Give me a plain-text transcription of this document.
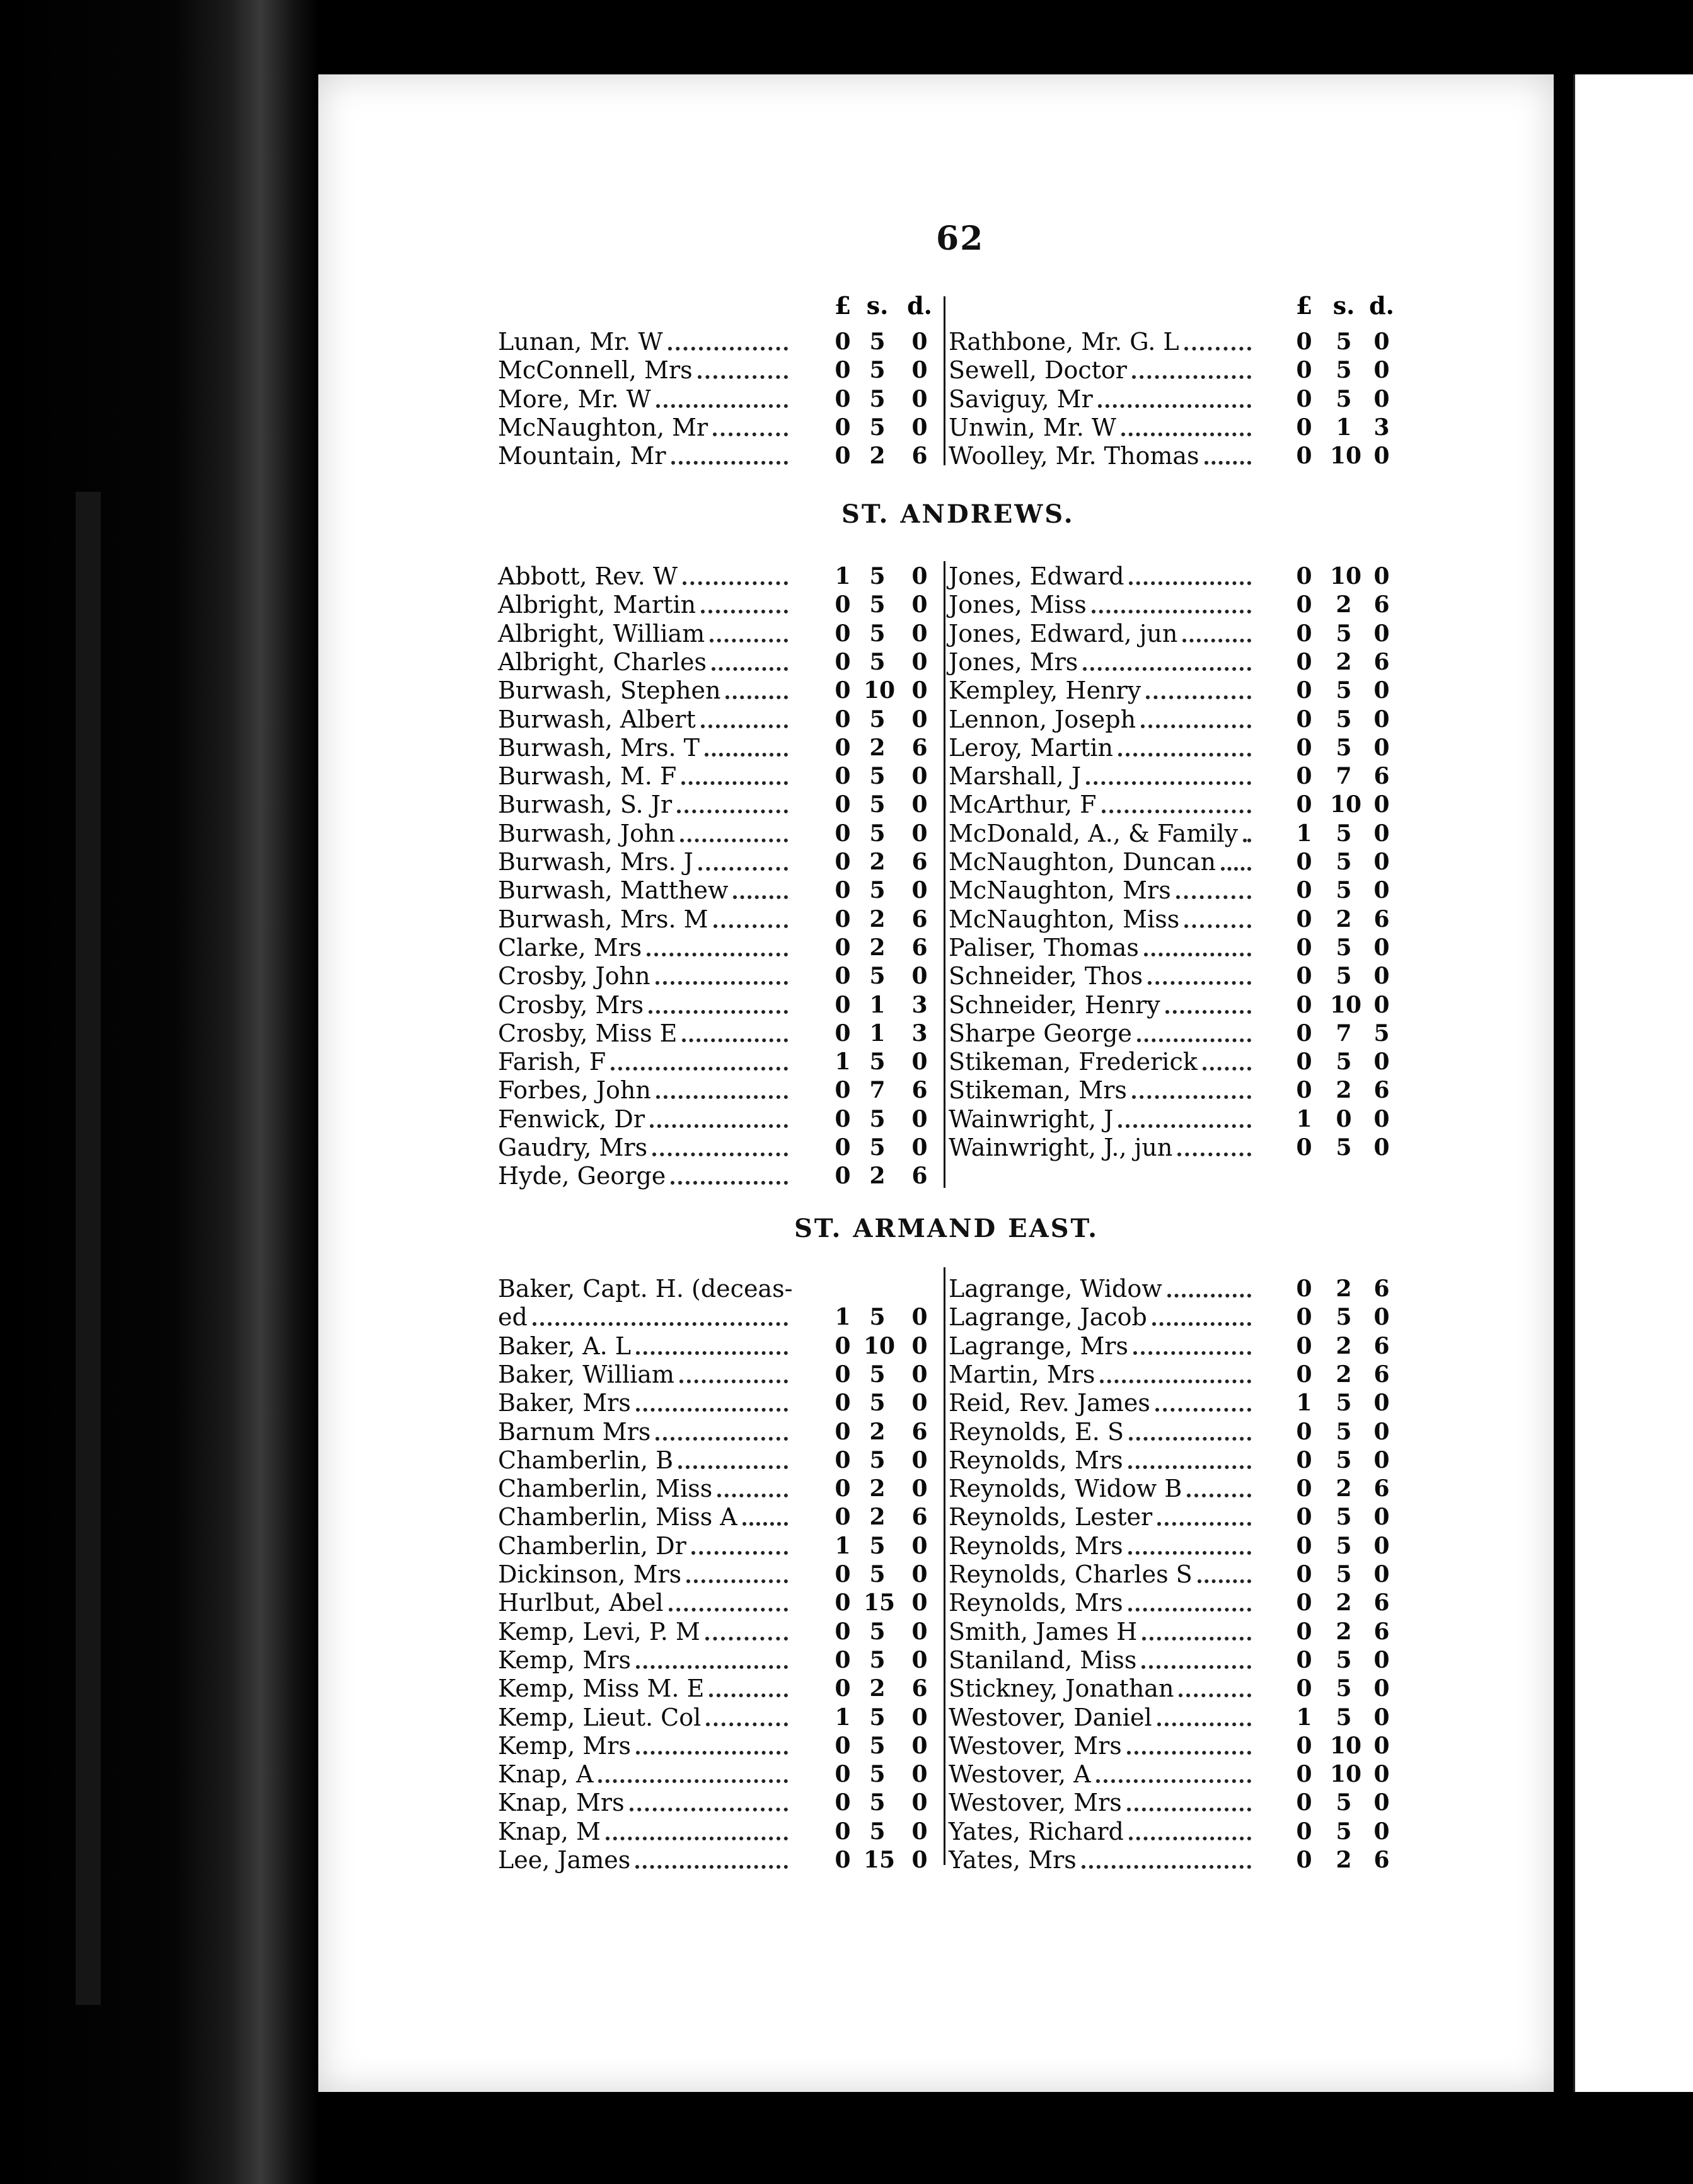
62
£ s. d.	£ s. d.
Lunan, Mr. W	0 5 0
McConnell, Mrs	0 5 0
More, Mr. W	0 5 0
McNaughton, Mr	0 5 0
Mountain, Mr	0 2 6
Rathbone, Mr. G. L	0 5 0
Sewell, Doctor	0 5 0
Saviguy, Mr	0 5 0
Unwin, Mr. W	0 1 3
Woolley, Mr. Thomas	0 10 0
ST. ANDREWS.
Abbott, Rev. W	1 5 0
Albright, Martin	0 5 0
Albright, William	0 5 0
Albright, Charles	0 5 0
Burwash, Stephen	0 10 0
Burwash, Albert	0 5 0
Burwash, Mrs. T	0 2 6
Burwash, M. F	0 5 0
Burwash, S. Jr	0 5 0
Burwash, John	0 5 0
Burwash, Mrs. J	0 2 6
Burwash, Matthew	0 5 0
Burwash, Mrs. M	0 2 6
Clarke, Mrs	0 2 6
Crosby, John	0 5 0
Crosby, Mrs	0 1 3
Crosby, Miss E	0 1 3
Farish, F	1 5 0
Forbes, John	0 7 6
Fenwick, Dr	0 5 0
Gaudry, Mrs	0 5 0
Hyde, George	0 2 6
Jones, Edward	0 10 0
Jones, Miss	0 2 6
Jones, Edward, jun	0 5 0
Jones, Mrs	0 2 6
Kempley, Henry	0 5 0
Lennon, Joseph	0 5 0
Leroy, Martin	0 5 0
Marshall, J	0 7 6
McArthur, F	0 10 0
McDonald, A., & Family	1 5 0
McNaughton, Duncan	0 5 0
McNaughton, Mrs	0 5 0
McNaughton, Miss	0 2 6
Paliser, Thomas	0 5 0
Schneider, Thos	0 5 0
Schneider, Henry	0 10 0
Sharpe George	0 7 5
Stikeman, Frederick	0 5 0
Stikeman, Mrs	0 2 6
Wainwright, J	1 0 0
Wainwright, J., jun	0 5 0
ST. ARMAND EAST.
Baker, Capt. H. (deceas-
ed	1 5 0
Baker, A. L	0 10 0
Baker, William	0 5 0
Baker, Mrs	0 5 0
Barnum Mrs	0 2 6
Chamberlin, B	0 5 0
Chamberlin, Miss	0 2 0
Chamberlin, Miss A	0 2 6
Chamberlin, Dr	1 5 0
Dickinson, Mrs	0 5 0
Hurlbut, Abel	0 15 0
Kemp, Levi, P. M	0 5 0
Kemp, Mrs	0 5 0
Kemp, Miss M. E	0 2 6
Kemp, Lieut. Col	1 5 0
Kemp, Mrs	0 5 0
Knap, A	0 5 0
Knap, Mrs	0 5 0
Knap, M	0 5 0
Lee, James	0 15 0
Lagrange, Widow	0 2 6
Lagrange, Jacob	0 5 0
Lagrange, Mrs	0 2 6
Martin, Mrs	0 2 6
Reid, Rev. James	1 5 0
Reynolds, E. S	0 5 0
Reynolds, Mrs	0 5 0
Reynolds, Widow B	0 2 6
Reynolds, Lester	0 5 0
Reynolds, Mrs	0 5 0
Reynolds, Charles S	0 5 0
Reynolds, Mrs	0 2 6
Smith, James H	0 2 6
Staniland, Miss	0 5 0
Stickney, Jonathan	0 5 0
Westover, Daniel	1 5 0
Westover, Mrs	0 10 0
Westover, A	0 10 0
Westover, Mrs	0 5 0
Yates, Richard	0 5 0
Yates, Mrs	0 2 6
